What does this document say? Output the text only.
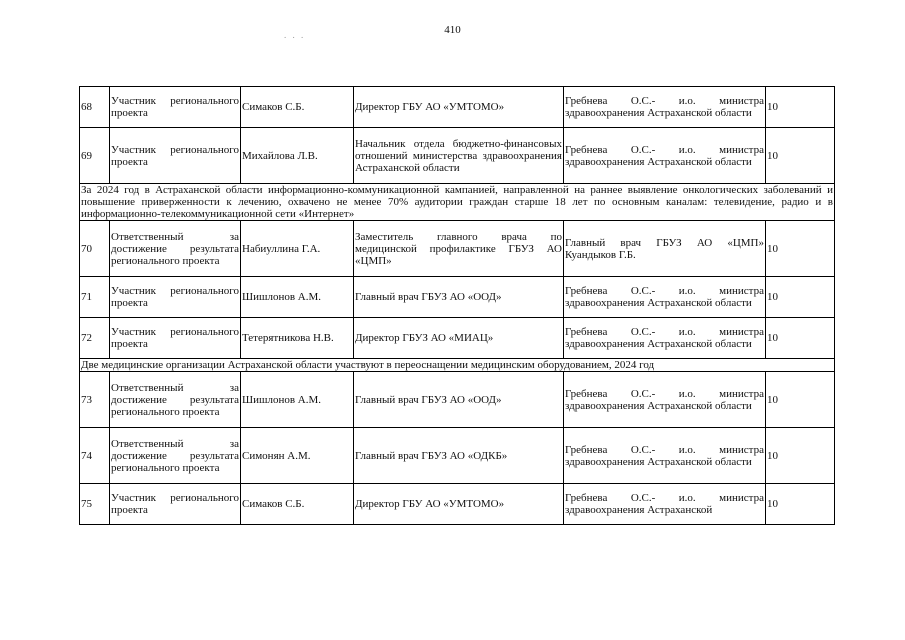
410
. . .
68	Участник регионального проекта	Симаков С.Б.	Директор ГБУ АО «УМТОМО»	Гребнева О.С.- и.о. министра здравоохранения Астраханской области	10
69	Участник регионального проекта	Михайлова Л.В.	Начальник отдела бюджетно-финансовых отношений министерства здравоохранения Астраханской области	Гребнева О.С.- и.о. министра здравоохранения Астраханской области	10
За 2024 год в Астраханской области информационно-коммуникационной кампанией, направленной на раннее выявление онкологических заболеваний и повышение приверженности к лечению, охвачено не менее 70% аудитории граждан старше 18 лет по основным каналам: телевидение, радио и в информационно-телекоммуникационной сети «Интернет»					
70	Ответственный за достижение результата регионального проекта	Набиуллина Г.А.	Заместитель главного врача по медицинской профилактике ГБУЗ АО «ЦМП»	Главный врач ГБУЗ АО «ЦМП» Куандыков Г.Б.	10
71	Участник регионального проекта	Шишлонов А.М.	Главный врач ГБУЗ АО «ООД»	Гребнева О.С.- и.о. министра здравоохранения Астраханской области	10
72	Участник регионального проекта	Тетерятникова Н.В.	Директор ГБУЗ АО «МИАЦ»	Гребнева О.С.- и.о. министра здравоохранения Астраханской области	10
Две медицинские организации Астраханской области участвуют в переоснащении медицинским оборудованием, 2024 год					
73	Ответственный за достижение результата регионального проекта	Шишлонов А.М.	Главный врач ГБУЗ АО «ООД»	Гребнева О.С.- и.о. министра здравоохранения Астраханской области	10
74	Ответственный за достижение результата регионального проекта	Симонян А.М.	Главный врач ГБУЗ АО «ОДКБ»	Гребнева О.С.- и.о. министра здравоохранения Астраханской области	10
75	Участник регионального проекта	Симаков С.Б.	Директор ГБУ АО «УМТОМО»	Гребнева О.С.- и.о. министра здравоохранения Астраханской	10
